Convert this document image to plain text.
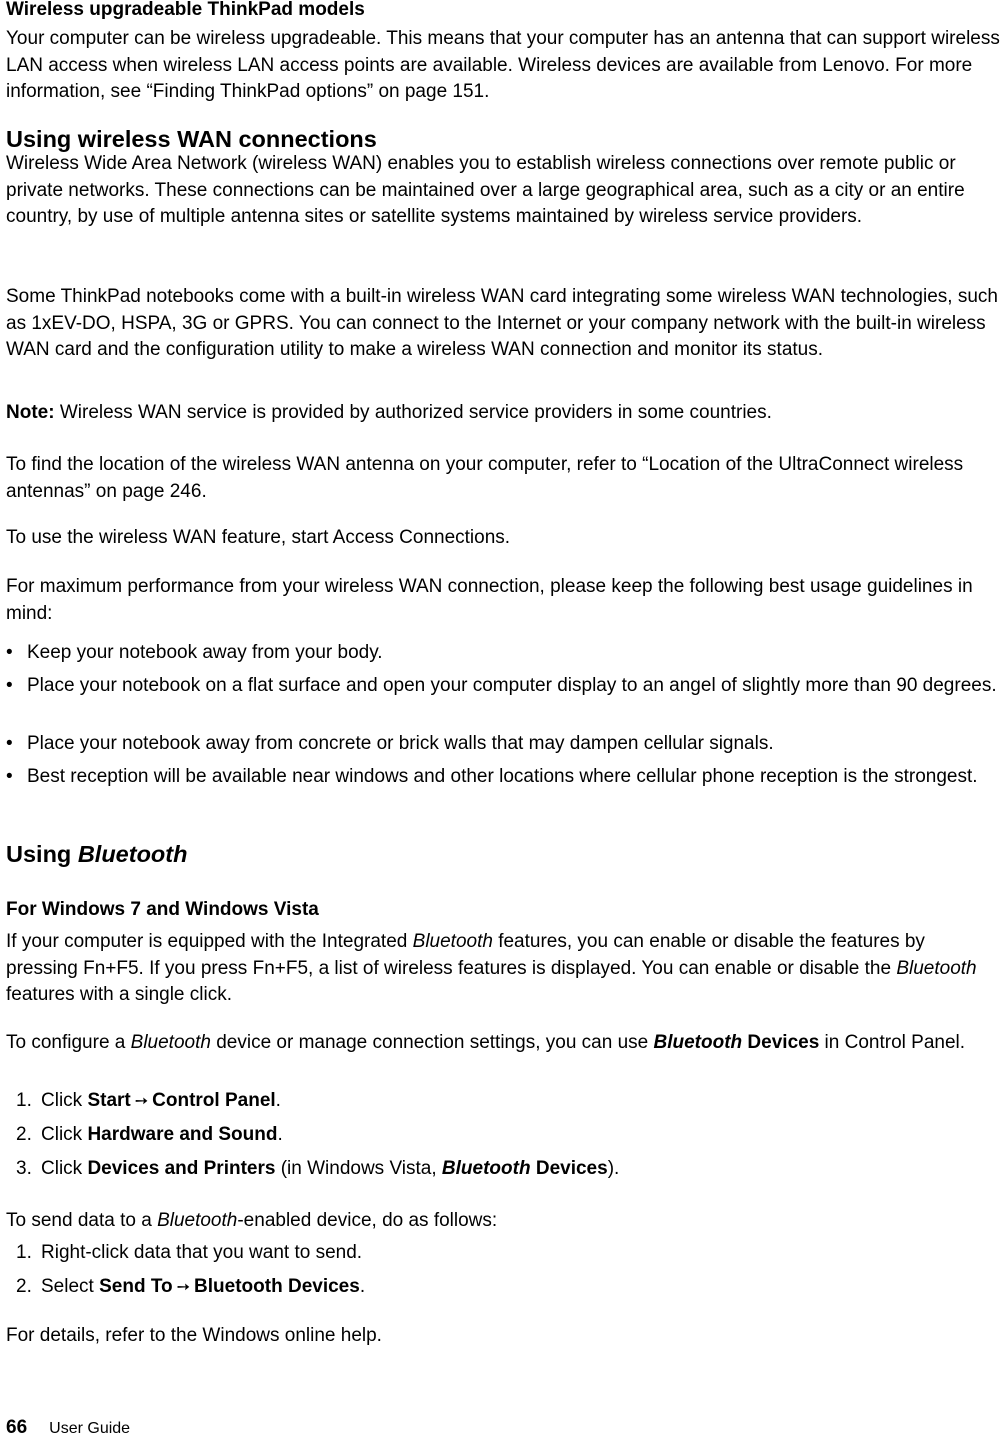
Wireless upgradeable ThinkPad models

Your computer can be wireless upgradeable. This means that your computer has an antenna that can support wireless LAN access when wireless LAN access points are available. Wireless devices are available from Lenovo. For more information, see “Finding ThinkPad options” on page 151.

Using wireless WAN connections

Wireless Wide Area Network (wireless WAN) enables you to establish wireless connections over remote public or private networks. These connections can be maintained over a large geographical area, such as a city or an entire country, by use of multiple antenna sites or satellite systems maintained by wireless service providers.

Some ThinkPad notebooks come with a built-in wireless WAN card integrating some wireless WAN technologies, such as 1xEV-DO, HSPA, 3G or GPRS. You can connect to the Internet or your company network with the built-in wireless WAN card and the configuration utility to make a wireless WAN connection and monitor its status.

Note: Wireless WAN service is provided by authorized service providers in some countries.

To find the location of the wireless WAN antenna on your computer, refer to “Location of the UltraConnect wireless antennas” on page 246.

To use the wireless WAN feature, start Access Connections.

For maximum performance from your wireless WAN connection, please keep the following best usage guidelines in mind:

• Keep your notebook away from your body.
• Place your notebook on a flat surface and open your computer display to an angel of slightly more than 90 degrees.
• Place your notebook away from concrete or brick walls that may dampen cellular signals.
• Best reception will be available near windows and other locations where cellular phone reception is the strongest.
Using Bluetooth
For Windows 7 and Windows Vista

If your computer is equipped with the Integrated Bluetooth features, you can enable or disable the features by pressing Fn+F5. If you press Fn+F5, a list of wireless features is displayed. You can enable or disable the Bluetooth features with a single click.

To configure a Bluetooth device or manage connection settings, you can use Bluetooth Devices in Control Panel.

1. Click Start ➙ Control Panel.
2. Click Hardware and Sound.
3. Click Devices and Printers (in Windows Vista, Bluetooth Devices).

To send data to a Bluetooth-enabled device, do as follows:

1. Right-click data that you want to send.
2. Select Send To ➙ Bluetooth Devices.

For details, refer to the Windows online help.

66 User Guide
